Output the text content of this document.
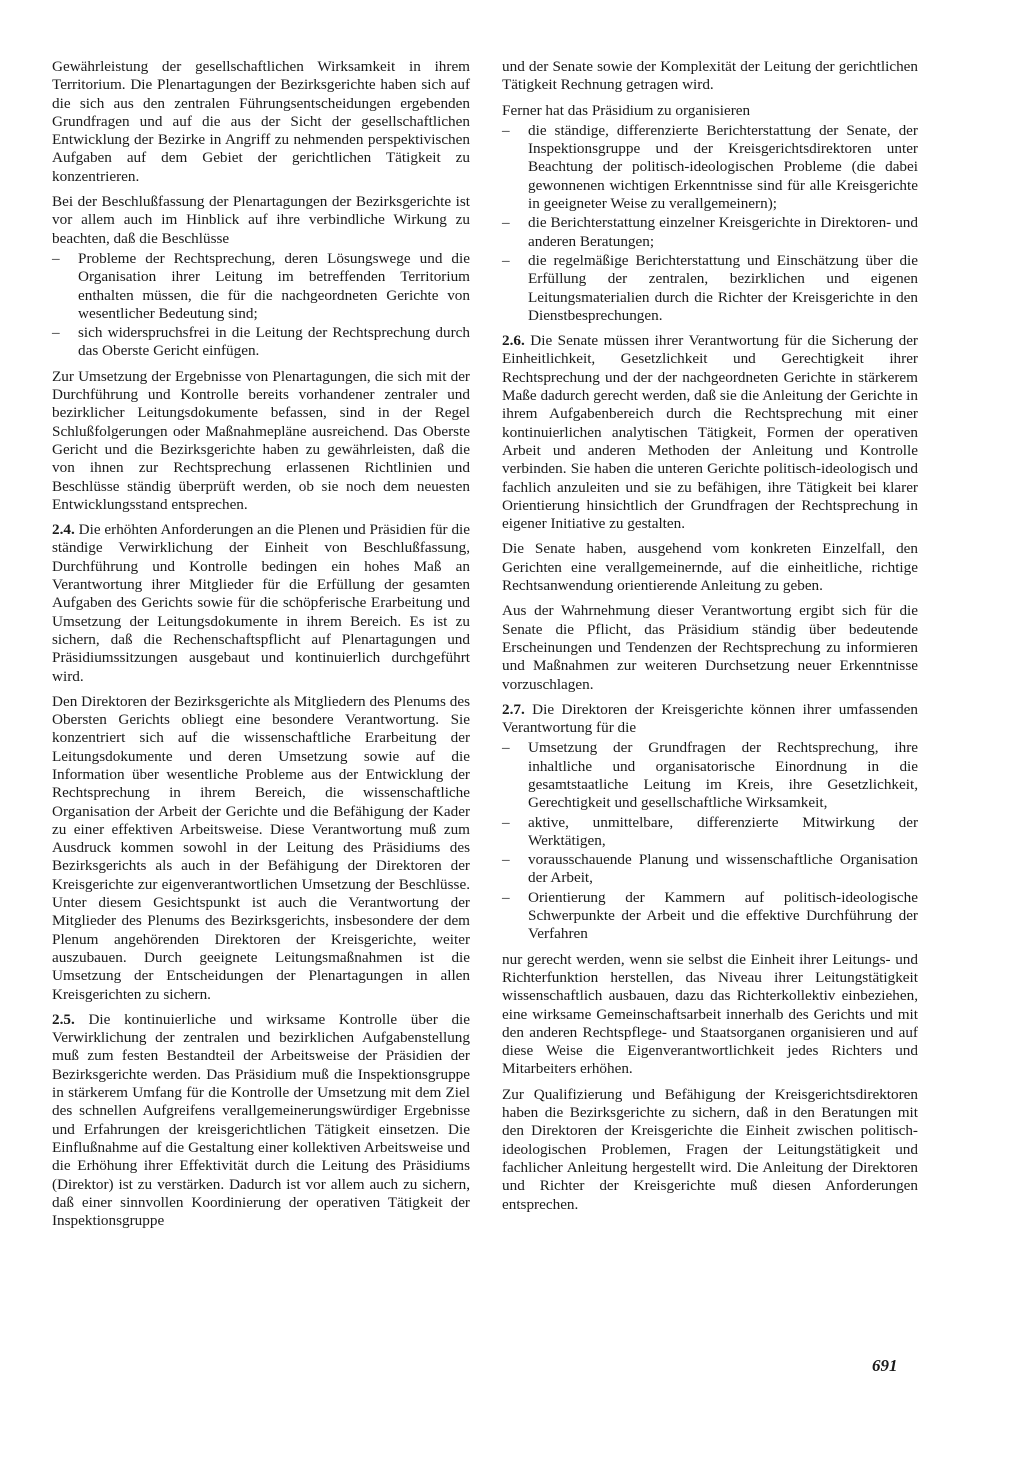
Gewährleistung der gesellschaftlichen Wirksamkeit in ihrem Territorium. Die Plenartagungen der Bezirksgerichte haben sich auf die sich aus den zentralen Führungsentscheidungen ergebenden Grundfragen und auf die aus der Sicht der gesellschaftlichen Entwicklung der Bezirke in Angriff zu nehmenden perspektivischen Aufgaben auf dem Gebiet der gerichtlichen Tätigkeit zu konzentrieren.

Bei der Beschlußfassung der Plenartagungen der Bezirksgerichte ist vor allem auch im Hinblick auf ihre verbindliche Wirkung zu beachten, daß die Beschlüsse

– Probleme der Rechtsprechung, deren Lösungswege und die Organisation ihrer Leitung im betreffenden Territorium enthalten müssen, die für die nachgeordneten Gerichte von wesentlicher Bedeutung sind;
– sich widerspruchsfrei in die Leitung der Rechtsprechung durch das Oberste Gericht einfügen.

Zur Umsetzung der Ergebnisse von Plenartagungen, die sich mit der Durchführung und Kontrolle bereits vorhandener zentraler und bezirklicher Leitungsdokumente befassen, sind in der Regel Schlußfolgerungen oder Maßnahmepläne ausreichend. Das Oberste Gericht und die Bezirksgerichte haben zu gewährleisten, daß die von ihnen zur Rechtsprechung erlassenen Richtlinien und Beschlüsse ständig überprüft werden, ob sie noch dem neuesten Entwicklungsstand entsprechen.

2.4. Die erhöhten Anforderungen an die Plenen und Präsidien für die ständige Verwirklichung der Einheit von Beschlußfassung, Durchführung und Kontrolle bedingen ein hohes Maß an Verantwortung ihrer Mitglieder für die Erfüllung der gesamten Aufgaben des Gerichts sowie für die schöpferische Erarbeitung und Umsetzung der Leitungsdokumente in ihrem Bereich. Es ist zu sichern, daß die Rechenschaftspflicht auf Plenartagungen und Präsidiumssitzungen ausgebaut und kontinuierlich durchgeführt wird.

Den Direktoren der Bezirksgerichte als Mitgliedern des Plenums des Obersten Gerichts obliegt eine besondere Verantwortung. Sie konzentriert sich auf die wissenschaftliche Erarbeitung der Leitungsdokumente und deren Umsetzung sowie auf die Information über wesentliche Probleme aus der Entwicklung der Rechtsprechung in ihrem Bereich, die wissenschaftliche Organisation der Arbeit der Gerichte und die Befähigung der Kader zu einer effektiven Arbeitsweise. Diese Verantwortung muß zum Ausdruck kommen sowohl in der Leitung des Präsidiums des Bezirksgerichts als auch in der Befähigung der Direktoren der Kreisgerichte zur eigenverantwortlichen Umsetzung der Beschlüsse. Unter diesem Gesichtspunkt ist auch die Verantwortung der Mitglieder des Plenums des Bezirksgerichts, insbesondere der dem Plenum angehörenden Direktoren der Kreisgerichte, weiter auszubauen. Durch geeignete Leitungsmaßnahmen ist die Umsetzung der Entscheidungen der Plenartagungen in allen Kreisgerichten zu sichern.

2.5. Die kontinuierliche und wirksame Kontrolle über die Verwirklichung der zentralen und bezirklichen Aufgabenstellung muß zum festen Bestandteil der Arbeitsweise der Präsidien der Bezirksgerichte werden. Das Präsidium muß die Inspektionsgruppe in stärkerem Umfang für die Kontrolle der Umsetzung mit dem Ziel des schnellen Aufgreifens verallgemeinerungswürdiger Ergebnisse und Erfahrungen der kreisgerichtlichen Tätigkeit einsetzen. Die Einflußnahme auf die Gestaltung einer kollektiven Arbeitsweise und die Erhöhung ihrer Effektivität durch die Leitung des Präsidiums (Direktor) ist zu verstärken. Dadurch ist vor allem auch zu sichern, daß einer sinnvollen Koordinierung der operativen Tätigkeit der Inspektionsgruppe

und der Senate sowie der Komplexität der Leitung der gerichtlichen Tätigkeit Rechnung getragen wird.

Ferner hat das Präsidium zu organisieren

– die ständige, differenzierte Berichterstattung der Senate, der Inspektionsgruppe und der Kreisgerichtsdirektoren unter Beachtung der politisch-ideologischen Probleme (die dabei gewonnenen wichtigen Erkenntnisse sind für alle Kreisgerichte in geeigneter Weise zu verallgemeinern);
– die Berichterstattung einzelner Kreisgerichte in Direktoren- und anderen Beratungen;
– die regelmäßige Berichterstattung und Einschätzung über die Erfüllung der zentralen, bezirklichen und eigenen Leitungsmaterialien durch die Richter der Kreisgerichte in den Dienstbesprechungen.

2.6. Die Senate müssen ihrer Verantwortung für die Sicherung der Einheitlichkeit, Gesetzlichkeit und Gerechtigkeit ihrer Rechtsprechung und der der nachgeordneten Gerichte in stärkerem Maße dadurch gerecht werden, daß sie die Anleitung der Gerichte in ihrem Aufgabenbereich durch die Rechtsprechung mit einer kontinuierlichen analytischen Tätigkeit, Formen der operativen Arbeit und anderen Methoden der Anleitung und Kontrolle verbinden. Sie haben die unteren Gerichte politisch-ideologisch und fachlich anzuleiten und sie zu befähigen, ihre Tätigkeit bei klarer Orientierung hinsichtlich der Grundfragen der Rechtsprechung in eigener Initiative zu gestalten.

Die Senate haben, ausgehend vom konkreten Einzelfall, den Gerichten eine verallgemeinernde, auf die einheitliche, richtige Rechtsanwendung orientierende Anleitung zu geben.

Aus der Wahrnehmung dieser Verantwortung ergibt sich für die Senate die Pflicht, das Präsidium ständig über bedeutende Erscheinungen und Tendenzen der Rechtsprechung zu informieren und Maßnahmen zur weiteren Durchsetzung neuer Erkenntnisse vorzuschlagen.

2.7. Die Direktoren der Kreisgerichte können ihrer umfassenden Verantwortung für die

– Umsetzung der Grundfragen der Rechtsprechung, ihre inhaltliche und organisatorische Einordnung in die gesamtstaatliche Leitung im Kreis, ihre Gesetzlichkeit, Gerechtigkeit und gesellschaftliche Wirksamkeit,
– aktive, unmittelbare, differenzierte Mitwirkung der Werktätigen,
– vorausschauende Planung und wissenschaftliche Organisation der Arbeit,
– Orientierung der Kammern auf politisch-ideologische Schwerpunkte der Arbeit und die effektive Durchführung der Verfahren

nur gerecht werden, wenn sie selbst die Einheit ihrer Leitungs- und Richterfunktion herstellen, das Niveau ihrer Leitungstätigkeit wissenschaftlich ausbauen, dazu das Richterkollektiv einbeziehen, eine wirksame Gemeinschaftsarbeit innerhalb des Gerichts und mit den anderen Rechtspflege- und Staatsorganen organisieren und auf diese Weise die Eigenverantwortlichkeit jedes Richters und Mitarbeiters erhöhen.

Zur Qualifizierung und Befähigung der Kreisgerichtsdirektoren haben die Bezirksgerichte zu sichern, daß in den Beratungen mit den Direktoren der Kreisgerichte die Einheit zwischen politisch-ideologischen Problemen, Fragen der Leitungstätigkeit und fachlicher Anleitung hergestellt wird. Die Anleitung der Direktoren und Richter der Kreisgerichte muß diesen Anforderungen entsprechen.

691
